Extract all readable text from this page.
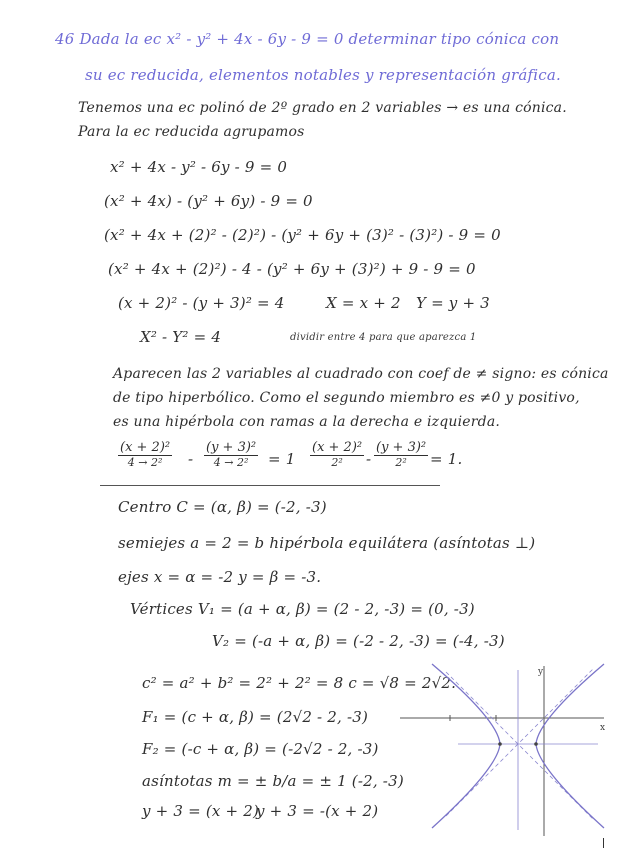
46 Dada la ec x² - y² + 4x - 6y - 9 = 0 determinar tipo cónica con
su ec reducida, elementos notables y representación gráfica.
Tenemos una ec polinó de 2º grado en 2 variables → es una cónica.
Para la ec reducida agrupamos
x² + 4x - y² - 6y - 9 = 0
(x² + 4x) - (y² + 6y) - 9 = 0
(x² + 4x + (2)² - (2)²) - (y² + 6y + (3)² - (3)²) - 9 = 0
(x² + 4x + (2)²) - 4 - (y² + 6y + (3)²) + 9 - 9 = 0
(x + 2)² - (y + 3)² = 4	X = x + 2 Y = y + 3
X² - Y² = 4	dividir entre 4 para que aparezca 1
Aparecen las 2 variables al cuadrado con coef de ≠ signo: es cónica
de tipo hiperbólico. Como el segundo miembro es ≠0 y positivo,
es una hipérbola con ramas a la derecha e izquierda.
(x + 2)²
4 → 2²	-
(y + 3)²
4 → 2²	= 1
(x + 2)²
2²	-
(y + 3)²
2²	= 1.
Centro C = (α, β) = (-2, -3)
semiejes a = 2 = b hipérbola equilátera (asíntotas ⊥)
ejes x = α = -2 y = β = -3.
Vértices V₁ = (a + α, β) = (2 - 2, -3) = (0, -3)
V₂ = (-a + α, β) = (-2 - 2, -3) = (-4, -3)
c² = a² + b² = 2² + 2² = 8 c = √8 = 2√2.
F₁ = (c + α, β) = (2√2 - 2, -3)
F₂ = (-c + α, β) = (-2√2 - 2, -3)
asíntotas m = ± b/a = ± 1 (-2, -3)
y + 3 = (x + 2)
y + 3 = -(x + 2)
y
x
